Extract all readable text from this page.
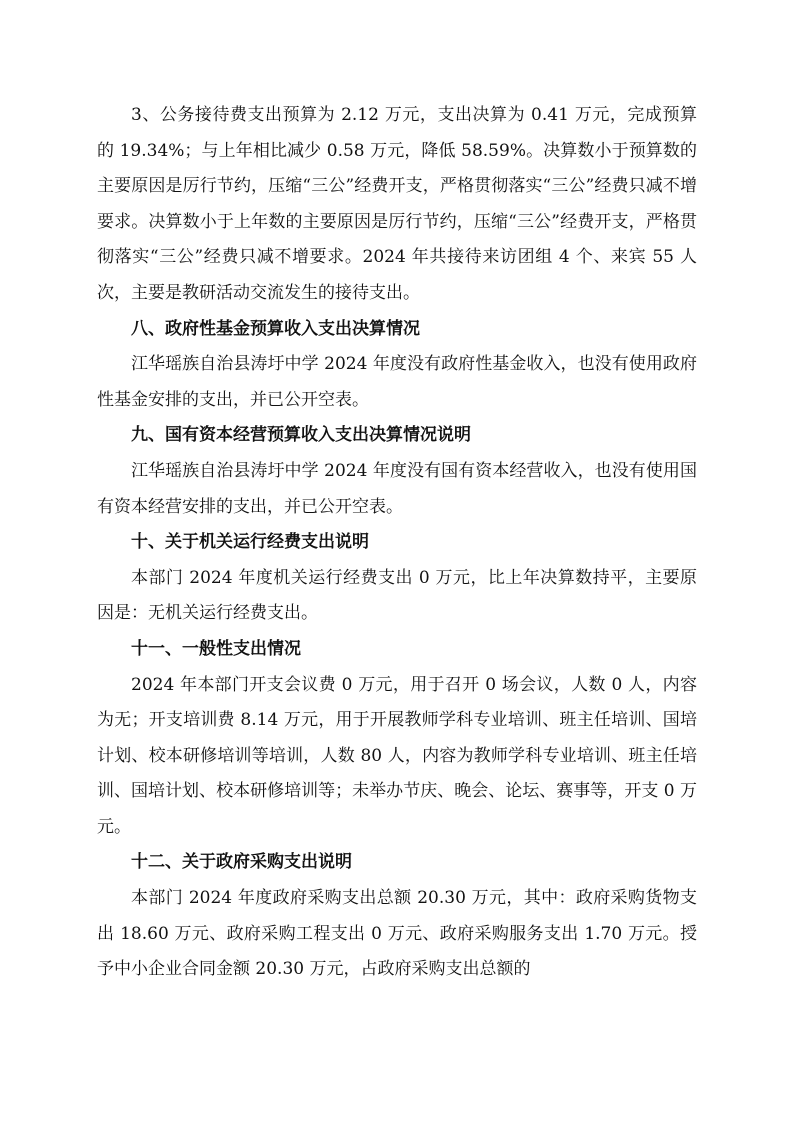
3、公务接待费支出预算为 2.12 万元，支出决算为 0.41 万元，完成预算的 19.34%；与上年相比减少 0.58 万元，降低 58.59%。决算数小于预算数的主要原因是厉行节约，压缩“三公”经费开支，严格贯彻落实“三公”经费只减不增要求。决算数小于上年数的主要原因是厉行节约，压缩“三公”经费开支，严格贯彻落实“三公”经费只减不增要求。2024 年共接待来访团组 4 个、来宾 55 人次，主要是教研活动交流发生的接待支出。

八、政府性基金预算收入支出决算情况

江华瑶族自治县涛圩中学 2024 年度没有政府性基金收入，也没有使用政府性基金安排的支出，并已公开空表。

九、国有资本经营预算收入支出决算情况说明

江华瑶族自治县涛圩中学 2024 年度没有国有资本经营收入，也没有使用国有资本经营安排的支出，并已公开空表。

十、关于机关运行经费支出说明

本部门 2024 年度机关运行经费支出 0 万元，比上年决算数持平，主要原因是：无机关运行经费支出。

十一、一般性支出情况

2024 年本部门开支会议费 0 万元，用于召开 0 场会议，人数 0 人，内容为无；开支培训费 8.14 万元，用于开展教师学科专业培训、班主任培训、国培计划、校本研修培训等培训，人数 80 人，内容为教师学科专业培训、班主任培训、国培计划、校本研修培训等；未举办节庆、晚会、论坛、赛事等，开支 0 万元。

十二、关于政府采购支出说明

本部门 2024 年度政府采购支出总额 20.30 万元，其中：政府采购货物支出 18.60 万元、政府采购工程支出 0 万元、政府采购服务支出 1.70 万元。授予中小企业合同金额 20.30 万元，占政府采购支出总额的
